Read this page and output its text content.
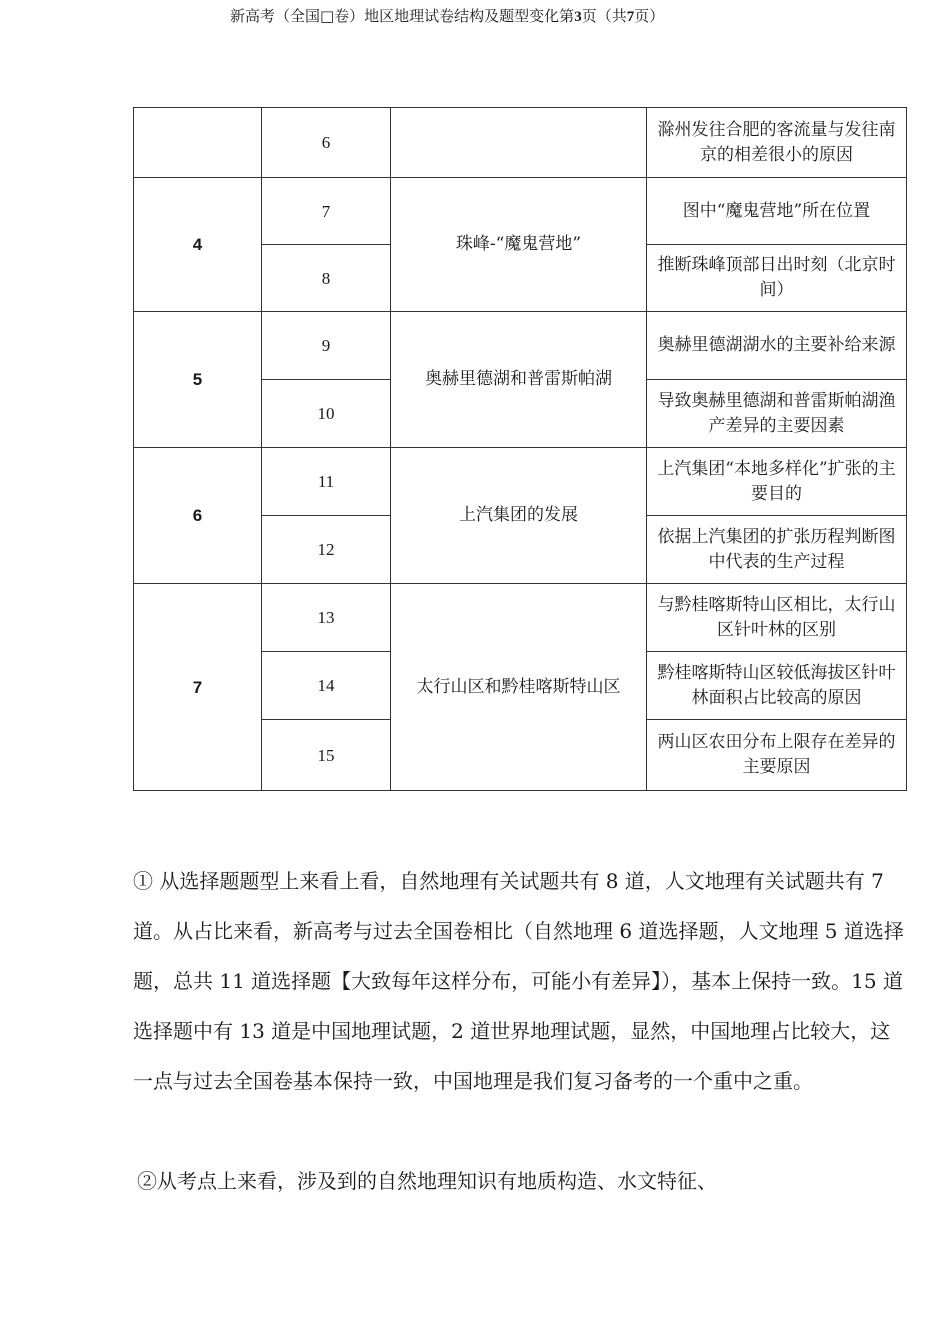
新高考（全国□卷）地区地理试卷结构及题型变化第3页（共7页）
	6		滁州发往合肥的客流量与发往南京的相差很小的原因
4	7	珠峰-“魔鬼营地”	图中“魔鬼营地”所在位置
	8		推断珠峰顶部日出时刻（北京时间）
5	9	奥赫里德湖和普雷斯帕湖	奥赫里德湖湖水的主要补给来源
	10		导致奥赫里德湖和普雷斯帕湖渔产差异的主要因素
6	11	上汽集团的发展	上汽集团“本地多样化”扩张的主要目的
	12		依据上汽集团的扩张历程判断图中代表的生产过程
7	13	太行山区和黔桂喀斯特山区	与黔桂喀斯特山区相比，太行山区针叶林的区别
	14		黔桂喀斯特山区较低海拔区针叶林面积占比较高的原因
	15		两山区农田分布上限存在差异的主要原因

① 从选择题题型上来看上看，自然地理有关试题共有 8 道，人文地理有关试题共有 7 道。从占比来看，新高考与过去全国卷相比（自然地理 6 道选择题，人文地理 5 道选择题，总共 11 道选择题【大致每年这样分布，可能小有差异】），基本上保持一致。15 道选择题中有 13 道是中国地理试题，2 道世界地理试题，显然，中国地理占比较大，这一点与过去全国卷基本保持一致，中国地理是我们复习备考的一个重中之重。

②从考点上来看，涉及到的自然地理知识有地质构造、水文特征、
